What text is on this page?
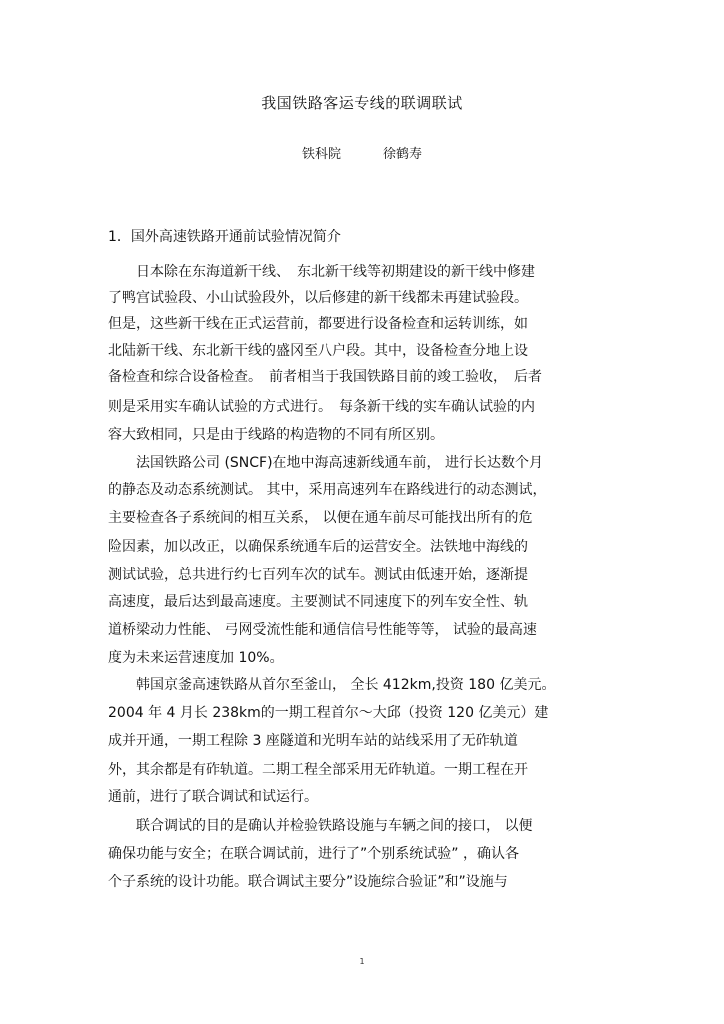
我国铁路客运专线的联调联试
铁科院	徐鹤寿
1．国外高速铁路开通前试验情况简介
　　日本除在东海道新干线、　东北新干线等初期建设的新干线中修建
了鸭宫试验段、小山试验段外，以后修建的新干线都未再建试验段。
但是，这些新干线在正式运营前，都要进行设备检查和运转训练，如
北陆新干线、东北新干线的盛冈至八户段。其中，设备检查分地上设
备检查和综合设备检查。　前者相当于我国铁路目前的竣工验收，　后者
则是采用实车确认试验的方式进行。　每条新干线的实车确认试验的内
容大致相同，只是由于线路的构造物的不同有所区别。
　　法国铁路公司 (SNCF)在地中海高速新线通车前， 进行长达数个月
的静态及动态系统测试。 其中，采用高速列车在路线进行的动态测试，
主要检查各子系统间的相互关系， 以便在通车前尽可能找出所有的危
险因素，加以改正，以确保系统通车后的运营安全。法铁地中海线的
测试试验，总共进行约七百列车次的试车。测试由低速开始，逐渐提
高速度，最后达到最高速度。主要测试不同速度下的列车安全性、轨
道桥梁动力性能、 弓网受流性能和通信信号性能等等， 试验的最高速
度为未来运营速度加 10%。
　　韩国京釜高速铁路从首尔至釜山， 全长 412km,投资 180 亿美元。
2004 年 4 月长 238km的一期工程首尔～大邱（投资 120 亿美元）建
成并开通，一期工程除 3 座隧道和光明车站的站线采用了无砟轨道
外，其余都是有砟轨道。二期工程全部采用无砟轨道。一期工程在开
通前，进行了联合调试和试运行。
　　联合调试的目的是确认并检验铁路设施与车辆之间的接口， 以便
确保功能与安全；在联合调试前，进行了”个别系统试验” ，确认各
个子系统的设计功能。联合调试主要分”设施综合验证”和”设施与
1
